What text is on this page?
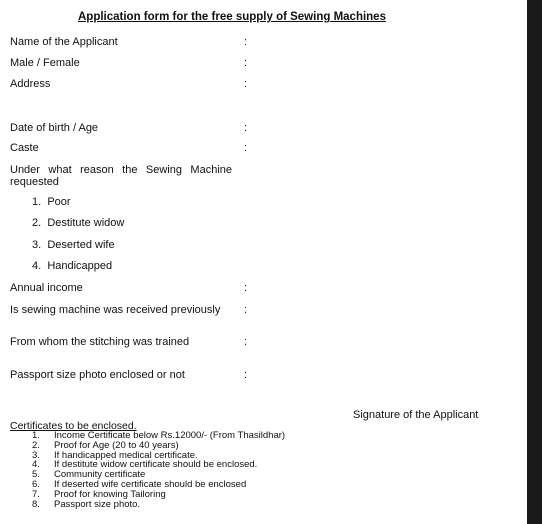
Application form for the free supply of Sewing Machines
Name of the Applicant	:
Male / Female	:
Address	:
Date of birth / Age	:
Caste	:
Under what reason the Sewing Machine requested
1. Poor
2. Destitute widow
3. Deserted wife
4. Handicapped
Annual income	:
Is sewing machine was received previously	:
From whom the stitching was trained	:
Passport size photo enclosed or not	:
Signature of the Applicant
Certificates to be enclosed.
1. Income Certificate below Rs.12000/- (From Thasildhar)
2. Proof for Age (20 to 40 years)
3. If handicapped medical certificate.
4. If destitute widow certificate should be enclosed.
5. Community certificate
6. If deserted wife certificate should be enclosed
7. Proof for knowing Tailoring
8. Passport size photo.
